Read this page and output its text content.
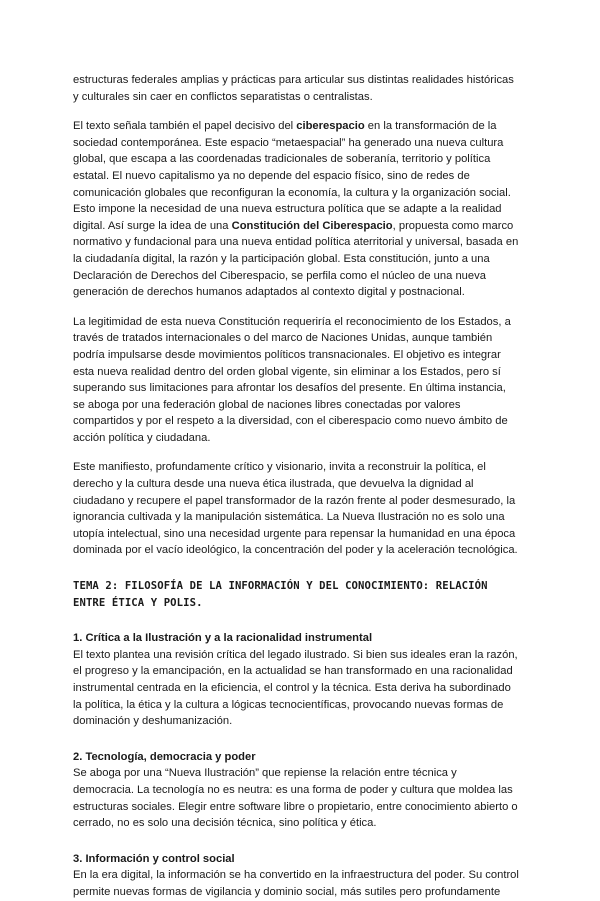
estructuras federales amplias y prácticas para articular sus distintas realidades históricas y culturales sin caer en conflictos separatistas o centralistas.

El texto señala también el papel decisivo del ciberespacio en la transformación de la sociedad contemporánea. Este espacio “metaespacial” ha generado una nueva cultura global, que escapa a las coordenadas tradicionales de soberanía, territorio y política estatal. El nuevo capitalismo ya no depende del espacio físico, sino de redes de comunicación globales que reconfiguran la economía, la cultura y la organización social. Esto impone la necesidad de una nueva estructura política que se adapte a la realidad digital. Así surge la idea de una Constitución del Ciberespacio, propuesta como marco normativo y fundacional para una nueva entidad política aterritorial y universal, basada en la ciudadanía digital, la razón y la participación global. Esta constitución, junto a una Declaración de Derechos del Ciberespacio, se perfila como el núcleo de una nueva generación de derechos humanos adaptados al contexto digital y postnacional.

La legitimidad de esta nueva Constitución requeriría el reconocimiento de los Estados, a través de tratados internacionales o del marco de Naciones Unidas, aunque también podría impulsarse desde movimientos políticos transnacionales. El objetivo es integrar esta nueva realidad dentro del orden global vigente, sin eliminar a los Estados, pero sí superando sus limitaciones para afrontar los desafíos del presente. En última instancia, se aboga por una federación global de naciones libres conectadas por valores compartidos y por el respeto a la diversidad, con el ciberespacio como nuevo ámbito de acción política y ciudadana.

Este manifiesto, profundamente crítico y visionario, invita a reconstruir la política, el derecho y la cultura desde una nueva ética ilustrada, que devuelva la dignidad al ciudadano y recupere el papel transformador de la razón frente al poder desmesurado, la ignorancia cultivada y la manipulación sistemática. La Nueva Ilustración no es solo una utopía intelectual, sino una necesidad urgente para repensar la humanidad en una época dominada por el vacío ideológico, la concentración del poder y la aceleración tecnológica.

TEMA 2: FILOSOFÍA DE LA INFORMACIÓN Y DEL CONOCIMIENTO: RELACIÓN ENTRE ÉTICA Y POLIS.
1. Crítica a la Ilustración y a la racionalidad instrumental

El texto plantea una revisión crítica del legado ilustrado. Si bien sus ideales eran la razón, el progreso y la emancipación, en la actualidad se han transformado en una racionalidad instrumental centrada en la eficiencia, el control y la técnica. Esta deriva ha subordinado la política, la ética y la cultura a lógicas tecnocientíficas, provocando nuevas formas de dominación y deshumanización.

2. Tecnología, democracia y poder

Se aboga por una “Nueva Ilustración” que repiense la relación entre técnica y democracia. La tecnología no es neutra: es una forma de poder y cultura que moldea las estructuras sociales. Elegir entre software libre o propietario, entre conocimiento abierto o cerrado, no es solo una decisión técnica, sino política y ética.

3. Información y control social

En la era digital, la información se ha convertido en la infraestructura del poder. Su control permite nuevas formas de vigilancia y dominio social, más sutiles pero profundamente
